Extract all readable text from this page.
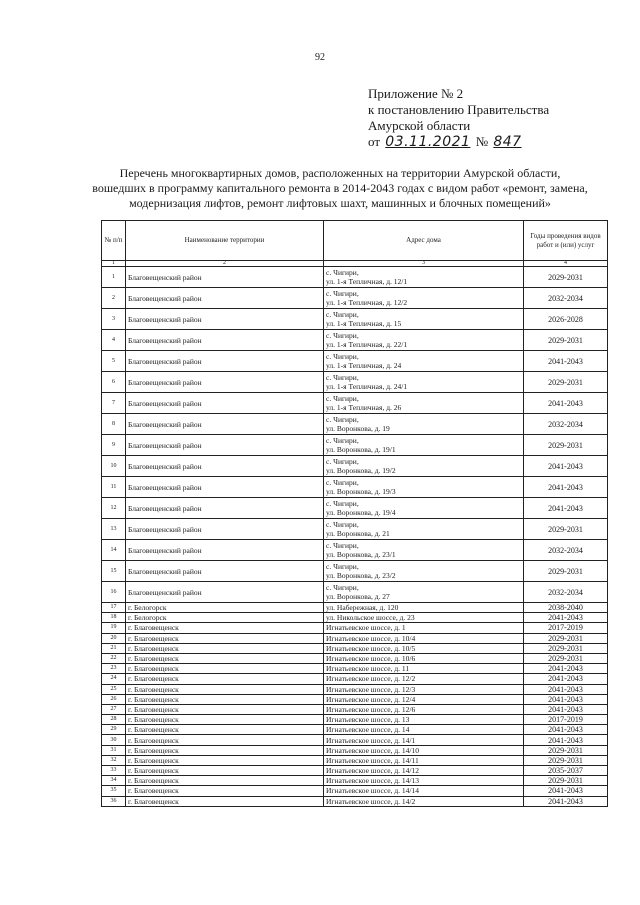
92
Приложение № 2
к постановлению Правительства
Амурской области
от 03.11.2021 № 847
Перечень многоквартирных домов, расположенных на территории Амурской области,
вошедших в программу капитального ремонта в 2014-2043 годах с видом работ «ремонт, замена,
модернизация лифтов, ремонт лифтовых шахт, машинных и блочных помещений»
№ п/п	Наименование территории	Адрес дома	Годы проведения видов работ и (или) услуг
1	2	3	4
1	Благовещенский район	с. Чигири,
ул. 1-я Тепличная, д. 12/1	2029-2031
2	Благовещенский район	с. Чигири,
ул. 1-я Тепличная, д. 12/2	2032-2034
3	Благовещенский район	с. Чигири,
ул. 1-я Тепличная, д. 15	2026-2028
4	Благовещенский район	с. Чигири,
ул. 1-я Тепличная, д. 22/1	2029-2031
5	Благовещенский район	с. Чигири,
ул. 1-я Тепличная, д. 24	2041-2043
6	Благовещенский район	с. Чигири,
ул. 1-я Тепличная, д. 24/1	2029-2031
7	Благовещенский район	с. Чигири,
ул. 1-я Тепличная, д. 26	2041-2043
8	Благовещенский район	с. Чигири,
ул. Воронкова, д. 19	2032-2034
9	Благовещенский район	с. Чигири,
ул. Воронкова, д. 19/1	2029-2031
10	Благовещенский район	с. Чигири,
ул. Воронкова, д. 19/2	2041-2043
11	Благовещенский район	с. Чигири,
ул. Воронкова, д. 19/3	2041-2043
12	Благовещенский район	с. Чигири,
ул. Воронкова, д. 19/4	2041-2043
13	Благовещенский район	с. Чигири,
ул. Воронкова, д. 21	2029-2031
14	Благовещенский район	с. Чигири,
ул. Воронкова, д. 23/1	2032-2034
15	Благовещенский район	с. Чигири,
ул. Воронкова, д. 23/2	2029-2031
16	Благовещенский район	с. Чигири,
ул. Воронкова, д. 27	2032-2034
17	г. Белогорск	ул. Набережная, д. 120	2038-2040
18	г. Белогорск	ул. Никольское шоссе, д. 23	2041-2043
19	г. Благовещенск	Игнатьевское шоссе, д. 1	2017-2019
20	г. Благовещенск	Игнатьевское шоссе, д. 10/4	2029-2031
21	г. Благовещенск	Игнатьевское шоссе, д. 10/5	2029-2031
22	г. Благовещенск	Игнатьевское шоссе, д. 10/6	2029-2031
23	г. Благовещенск	Игнатьевское шоссе, д. 11	2041-2043
24	г. Благовещенск	Игнатьевское шоссе, д. 12/2	2041-2043
25	г. Благовещенск	Игнатьевское шоссе, д. 12/3	2041-2043
26	г. Благовещенск	Игнатьевское шоссе, д. 12/4	2041-2043
27	г. Благовещенск	Игнатьевское шоссе, д. 12/6	2041-2043
28	г. Благовещенск	Игнатьевское шоссе, д. 13	2017-2019
29	г. Благовещенск	Игнатьевское шоссе, д. 14	2041-2043
30	г. Благовещенск	Игнатьевское шоссе, д. 14/1	2041-2043
31	г. Благовещенск	Игнатьевское шоссе, д. 14/10	2029-2031
32	г. Благовещенск	Игнатьевское шоссе, д. 14/11	2029-2031
33	г. Благовещенск	Игнатьевское шоссе, д. 14/12	2035-2037
34	г. Благовещенск	Игнатьевское шоссе, д. 14/13	2029-2031
35	г. Благовещенск	Игнатьевское шоссе, д. 14/14	2041-2043
36	г. Благовещенск	Игнатьевское шоссе, д. 14/2	2041-2043
